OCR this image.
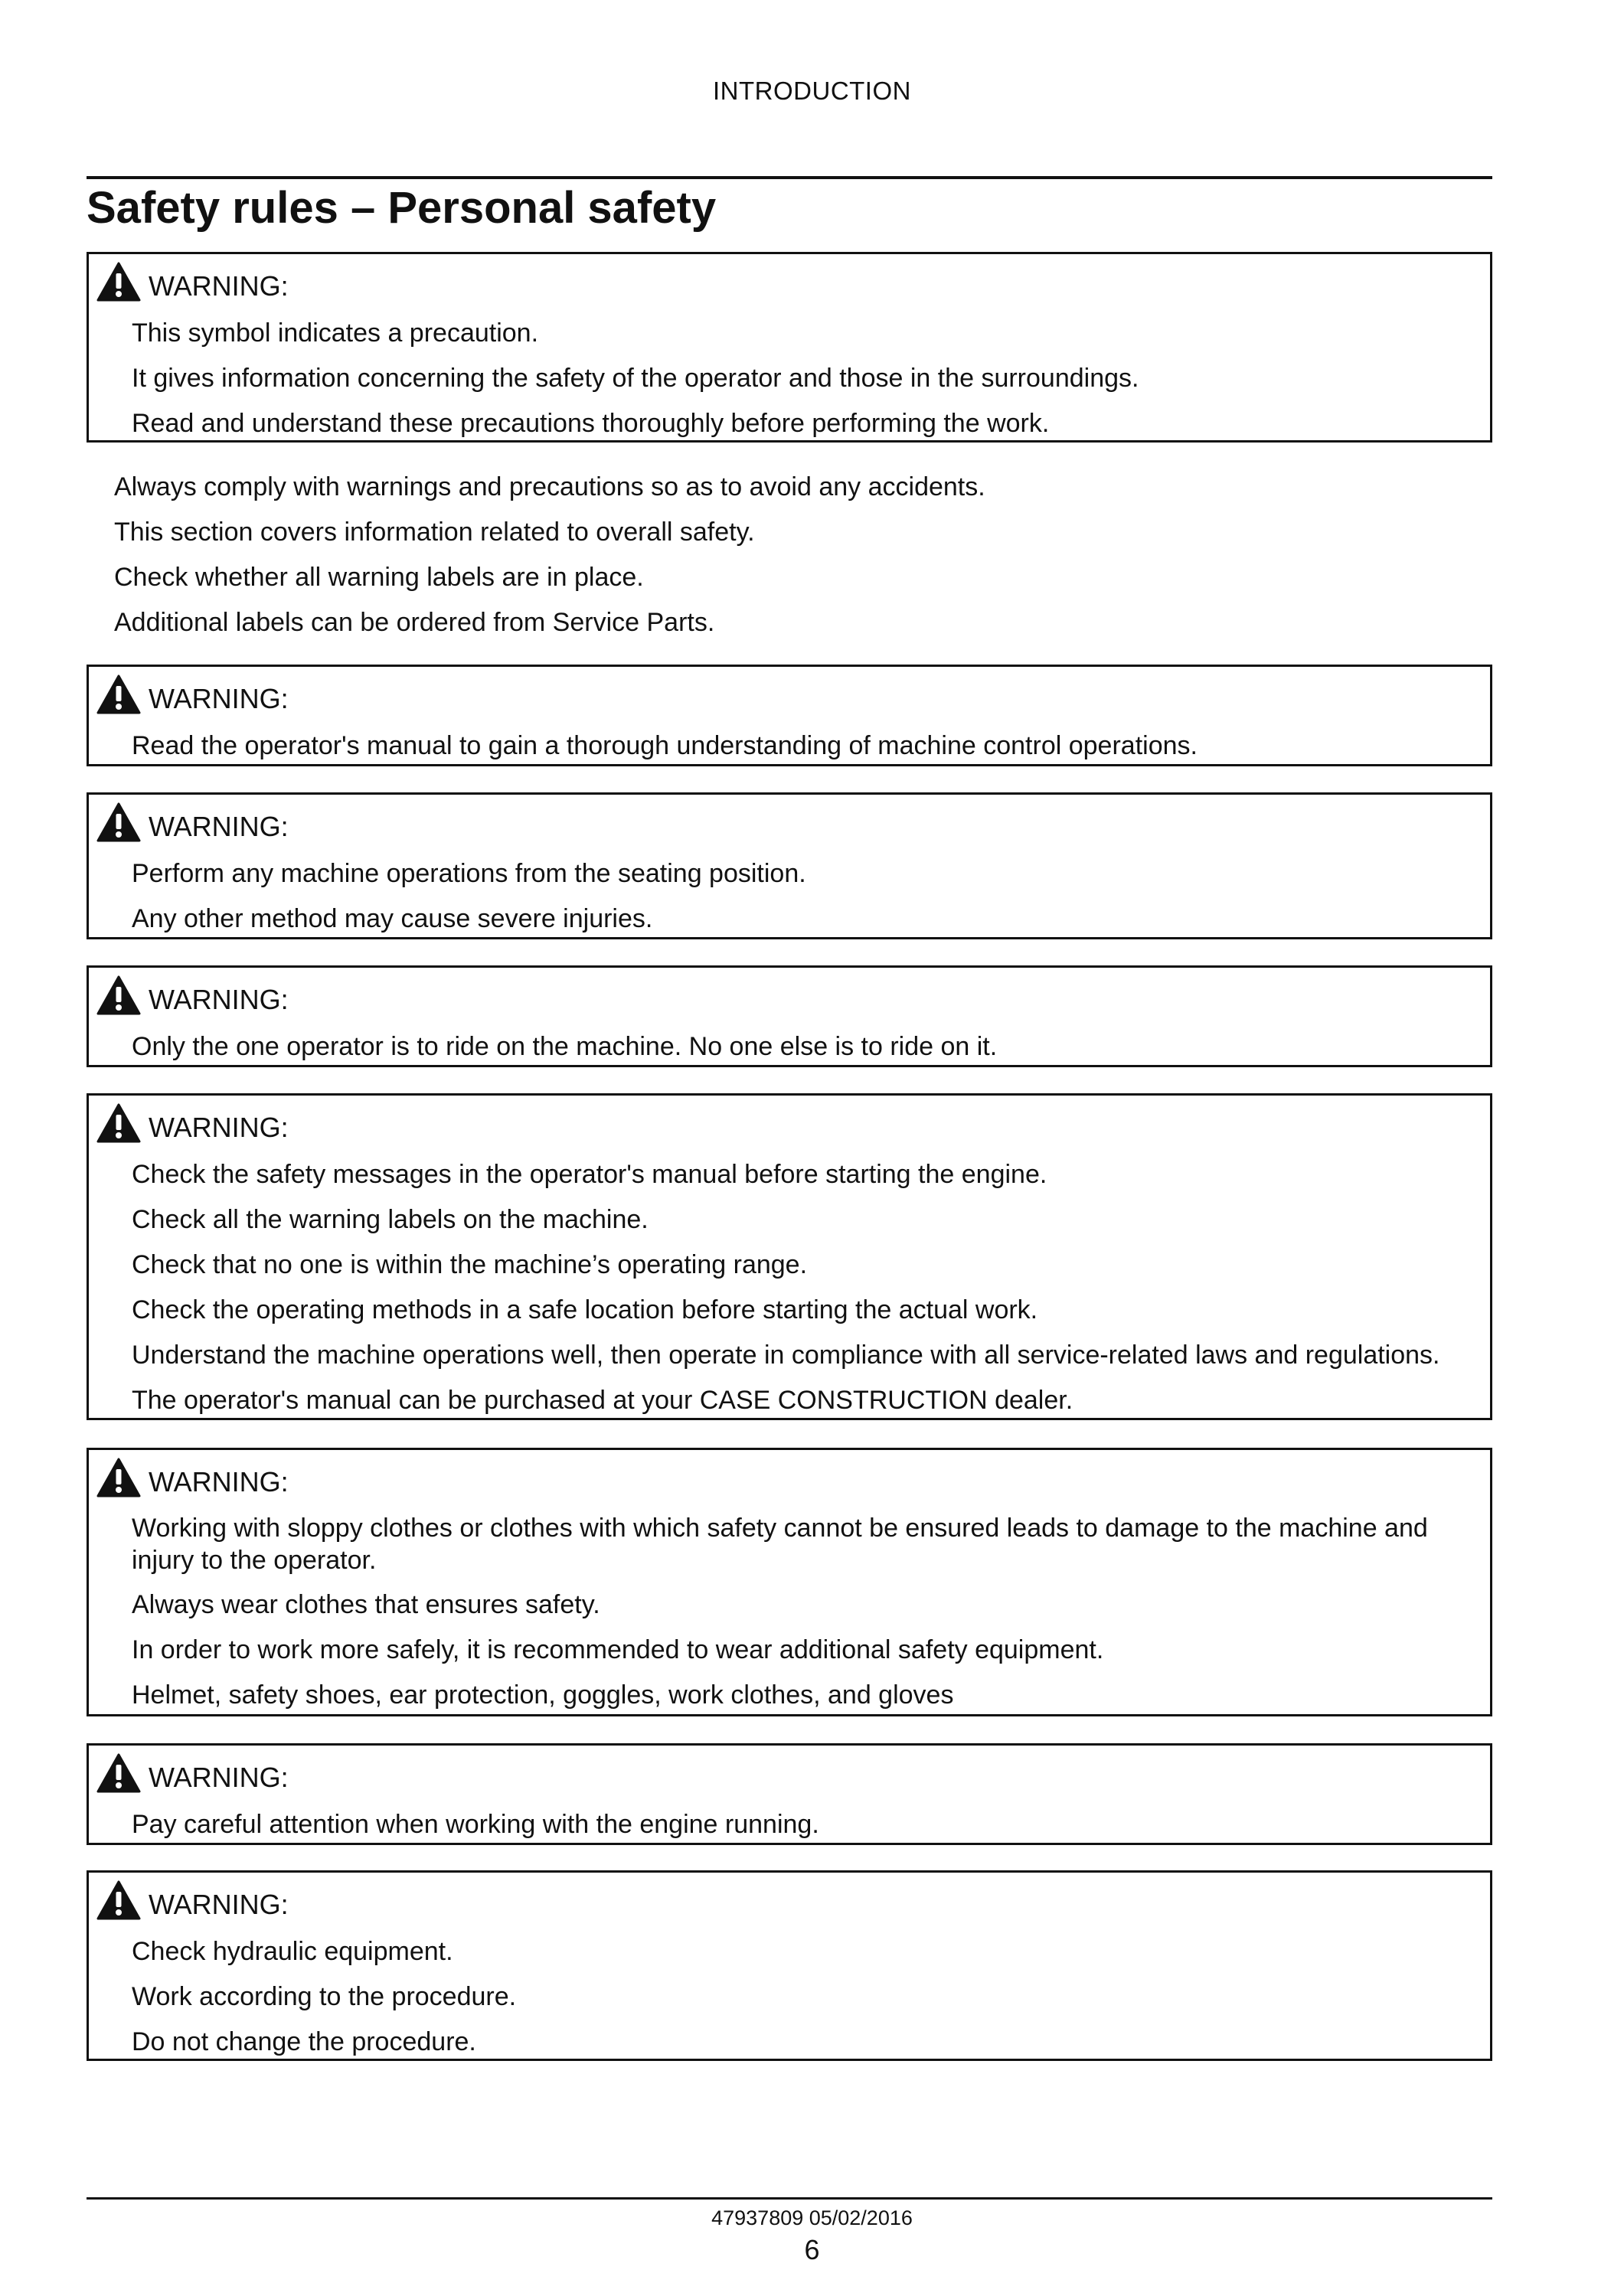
INTRODUCTION
Safety rules – Personal safety
WARNING:

This symbol indicates a precaution.

It gives information concerning the safety of the operator and those in the surroundings.

Read and understand these precautions thoroughly before performing the work.

Always comply with warnings and precautions so as to avoid any accidents.

This section covers information related to overall safety.

Check whether all warning labels are in place.

Additional labels can be ordered from Service Parts.

WARNING:

Read the operator's manual to gain a thorough understanding of machine control operations.

WARNING:

Perform any machine operations from the seating position.

Any other method may cause severe injuries.

WARNING:

Only the one operator is to ride on the machine. No one else is to ride on it.

WARNING:

Check the safety messages in the operator's manual before starting the engine.

Check all the warning labels on the machine.

Check that no one is within the machine’s operating range.

Check the operating methods in a safe location before starting the actual work.

Understand the machine operations well, then operate in compliance with all service-related laws and regulations.

The operator's manual can be purchased at your CASE CONSTRUCTION dealer.

WARNING:

Working with sloppy clothes or clothes with which safety cannot be ensured leads to damage to the machine and injury to the operator.

Always wear clothes that ensures safety.

In order to work more safely, it is recommended to wear additional safety equipment.

Helmet, safety shoes, ear protection, goggles, work clothes, and gloves

WARNING:

Pay careful attention when working with the engine running.

WARNING:

Check hydraulic equipment.

Work according to the procedure.

Do not change the procedure.

47937809 05/02/2016
6
